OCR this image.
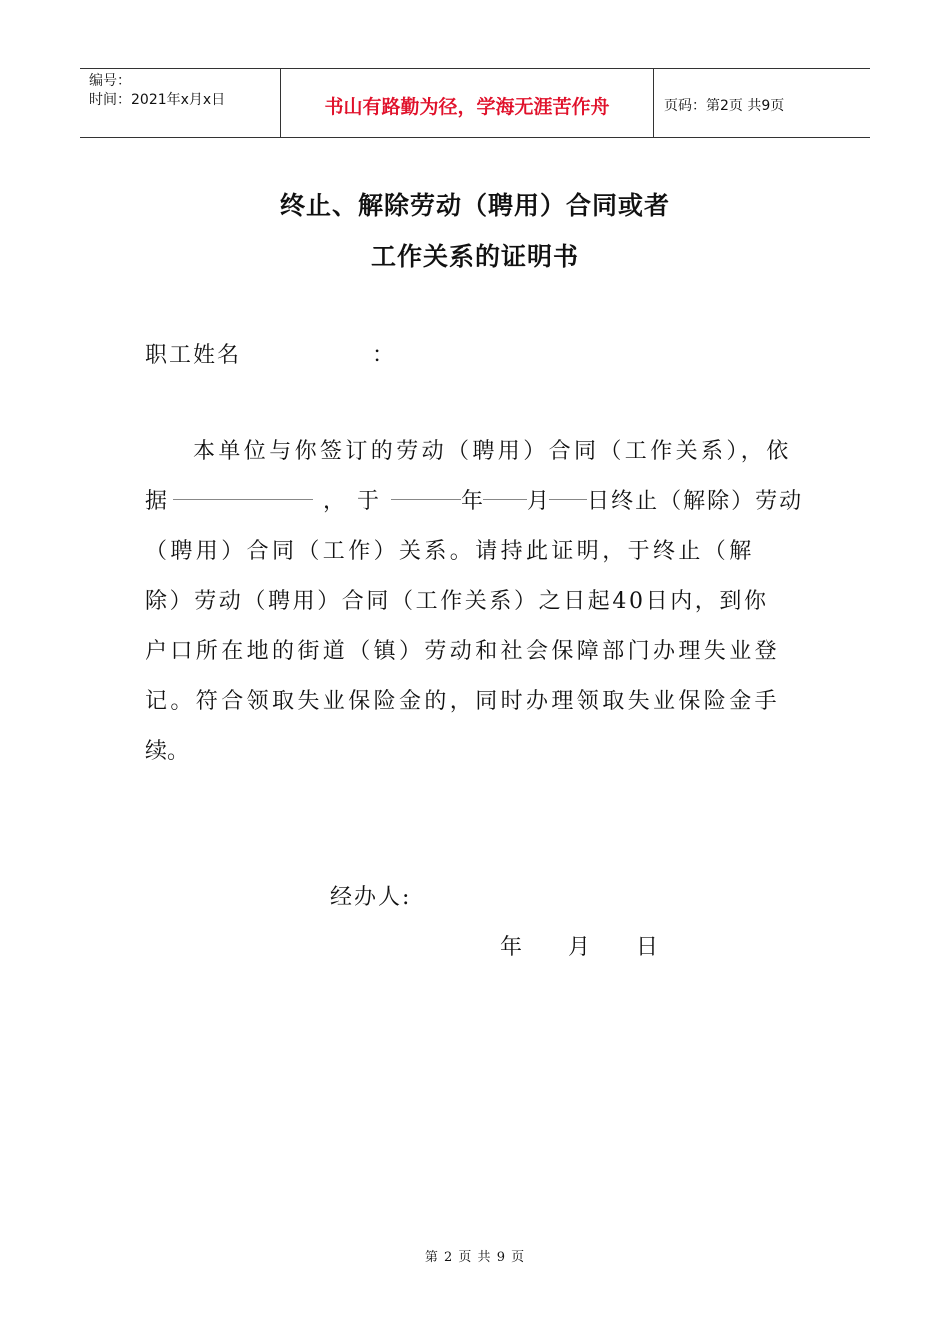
编号：
时间：2021年x月x日	书山有路勤为径，学海无涯苦作舟	页码：第2页 共9页
终止、解除劳动（聘用）合同或者
工作关系的证明书
职工姓名	：
本单位与你签订的劳动（聘用）合同（工作关系），依
据	，于	年 月 日终止（解除）劳动
（聘用）合同（工作）关系。请持此证明，于终止（解
除）劳动（聘用）合同（工作关系）之日起40日内，到你
户口所在地的街道（镇）劳动和社会保障部门办理失业登
记。符合领取失业保险金的，同时办理领取失业保险金手
续。
经办人:
年 月 日
第 2 页 共 9 页
